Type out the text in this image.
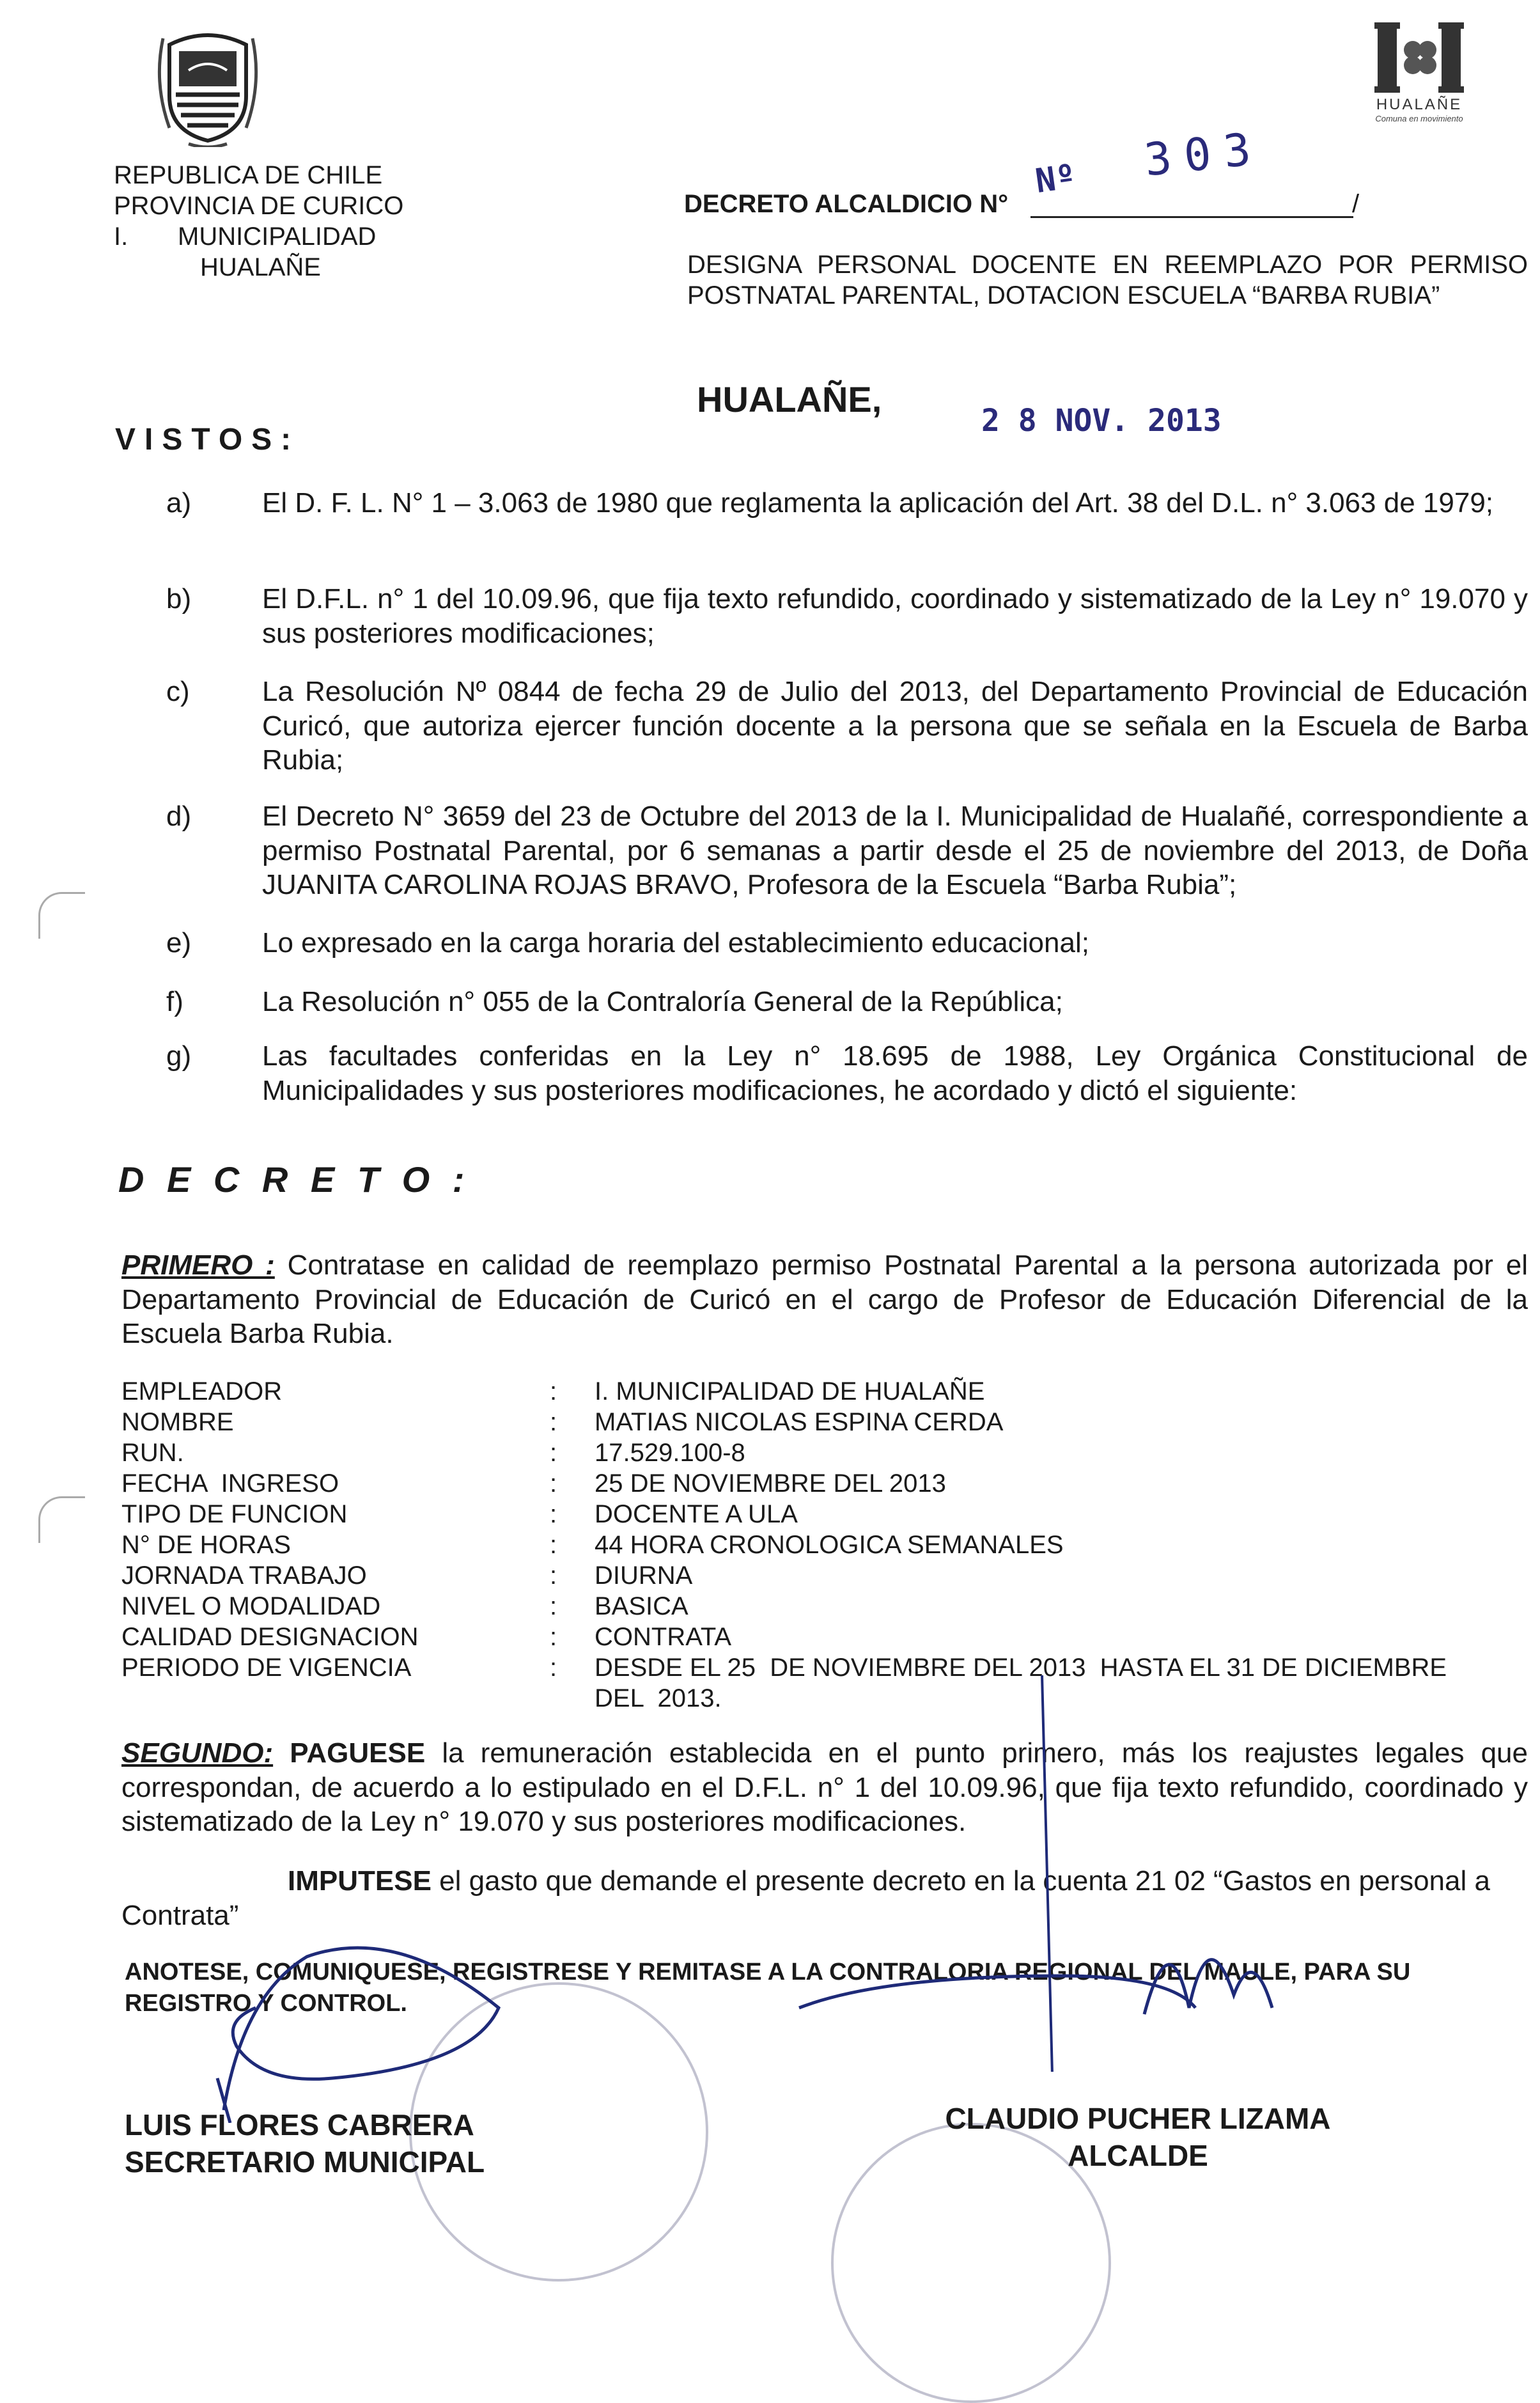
REPUBLICA DE CHILE
PROVINCIA DE CURICO
I.       MUNICIPALIDAD
HUALAÑE
HUALAÑE
Comuna en movimiento
DECRETO ALCALDICIO N°	/
Nº 303
DESIGNA PERSONAL DOCENTE EN REEMPLAZO POR PERMISO POSTNATAL PARENTAL, DOTACION ESCUELA “BARBA RUBIA”
HUALAÑE,
2 8 NOV. 2013
VISTOS:
a)	El D. F. L. N° 1 – 3.063 de 1980 que reglamenta la aplicación del Art. 38 del D.L. n° 3.063 de 1979;
b)	El D.F.L. n° 1 del 10.09.96, que fija texto refundido, coordinado y sistematizado de la Ley n° 19.070 y sus posteriores modificaciones;
c)	La Resolución Nº 0844 de fecha 29 de Julio del 2013, del Departamento Provincial de Educación Curicó, que autoriza ejercer función docente a la persona que se señala en la Escuela de Barba Rubia;
d)	El Decreto N° 3659 del 23 de Octubre del 2013 de la I. Municipalidad de Hualañé, correspondiente a permiso Postnatal Parental, por 6 semanas a partir desde el 25 de noviembre del 2013, de Doña JUANITA CAROLINA ROJAS BRAVO, Profesora de la Escuela “Barba Rubia”;
e)	Lo expresado en la carga horaria del establecimiento educacional;
f)	La Resolución n° 055 de la Contraloría General de la República;
g)	Las facultades conferidas en la Ley n° 18.695 de 1988, Ley Orgánica Constitucional de Municipalidades y sus posteriores modificaciones, he acordado y dictó el siguiente:
D E C R E T O :
PRIMERO : Contratase en calidad de reemplazo permiso Postnatal Parental a la persona autorizada por el Departamento Provincial de Educación de Curicó en el cargo de Profesor de Educación Diferencial de la Escuela Barba Rubia.
EMPLEADOR	: I. MUNICIPALIDAD DE HUALAÑE
NOMBRE	: MATIAS NICOLAS ESPINA CERDA
RUN.	: 17.529.100-8
FECHA  INGRESO	: 25 DE NOVIEMBRE DEL 2013
TIPO DE FUNCION	: DOCENTE A ULA
N° DE HORAS	: 44 HORA CRONOLOGICA SEMANALES
JORNADA TRABAJO	: DIURNA
NIVEL O MODALIDAD	: BASICA
CALIDAD DESIGNACION	: CONTRATA
PERIODO DE VIGENCIA	: DESDE EL 25  DE NOVIEMBRE DEL 2013  HASTA EL 31 DE DICIEMBRE DEL  2013.
SEGUNDO: PAGUESE la remuneración establecida en el punto primero, más los reajustes legales que correspondan, de acuerdo a lo estipulado en el D.F.L. n° 1 del 10.09.96, que fija texto refundido, coordinado y sistematizado de la Ley n° 19.070 y sus posteriores modificaciones.
IMPUTESE el gasto que demande el presente decreto en la cuenta 21 02 “Gastos en personal a Contrata”
ANOTESE, COMUNIQUESE, REGISTRESE Y REMITASE A LA CONTRALORIA REGIONAL DEL MAULE, PARA SU REGISTRO Y CONTROL.
LUIS FLORES CABRERA
SECRETARIO MUNICIPAL
CLAUDIO PUCHER LIZAMA
ALCALDE
